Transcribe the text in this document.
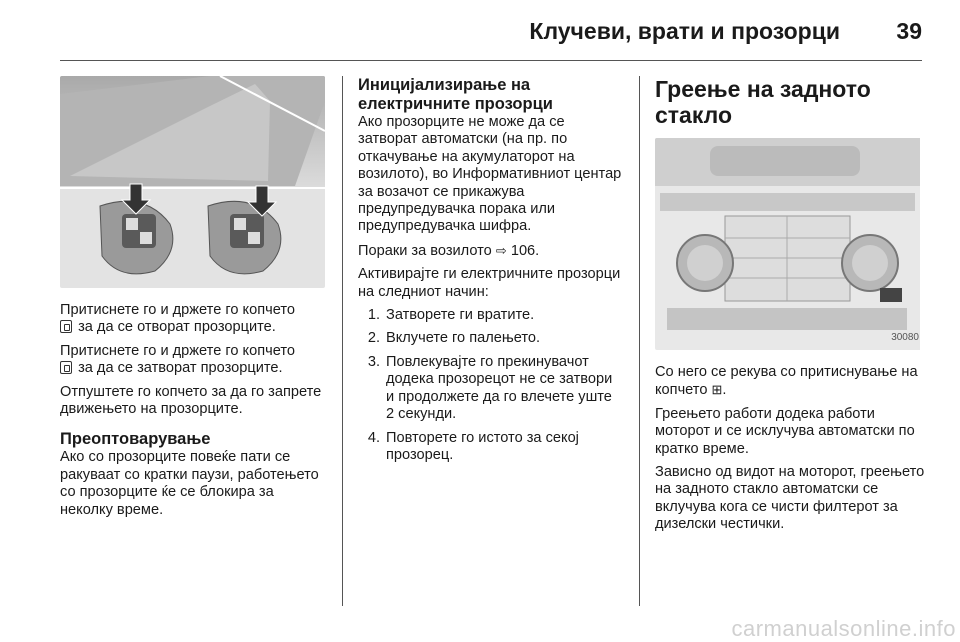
Клучеви, врати и прозорци 39

Притиснете го и држете го копчето
за да се отворат прозорците.

Притиснете го и држете го копчето
за да се затворат прозорците.

Отпуштете го копчето за да го запрете движењето на прозорците.

Преоптоварување

Ако со прозорците повеќе пати се ракуваат со кратки паузи, работењето со прозорците ќе се блокира за неколку време.

Иницијализирање на електричните прозорци

Ако прозорците не може да се затворат автоматски (на пр. по откачување на акумулаторот на возилото), во Информативниот центар за возачот се прикажува предупредувачка порака или предупредувачка шифра.

Пораки за возилото ⇨ 106.

Активирајте ги електричните прозорци на следниот начин:

1. Затворете ги вратите.
2. Вклучете го палењето.
3. Повлекувајте го прекинувачот додека прозорецот не се затвори и продолжете да го влечете уште 2 секунди.
4. Повторете го истото за секој прозорец.
Греење на задното стакло
30080

Со него се рекува со притиснување на копчето ⊞.

Греењето работи додека работи моторот и се исклучува автоматски по кратко време.

Зависно од видот на моторот, греењето на задното стакло автоматски се вклучува кога се чисти филтерот за дизелски честички.

carmanualsonline.info
